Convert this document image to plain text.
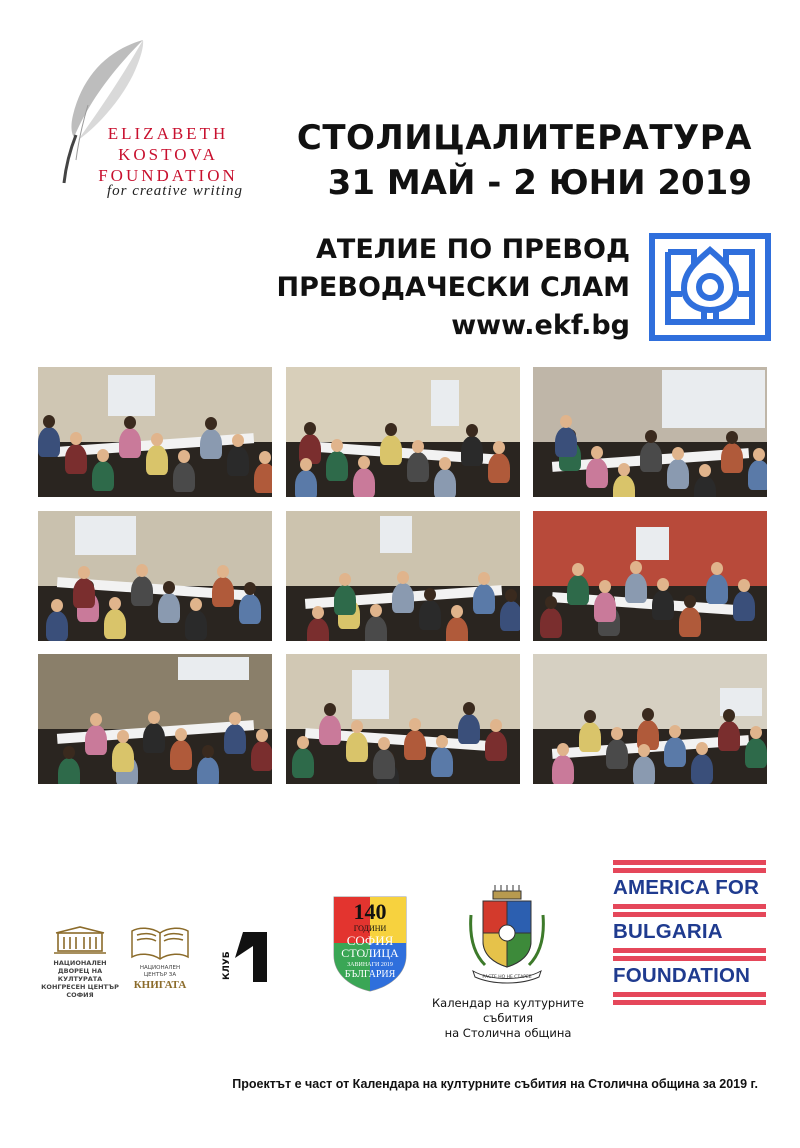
ELIZABETH
KOSTOVA
FOUNDATION
for creative writing
СТОЛИЦАЛИТЕРАТУРА
31 МАЙ - 2 ЮНИ 2019
АТЕЛИЕ ПО ПРЕВОД
ПРЕВОДАЧЕСКИ СЛАМ
www.ekf.bg
НАЦИОНАЛЕН
ДВОРЕЦ НА КУЛТУРАТА
КОНГРЕСЕН ЦЕНТЪР
СОФИЯ
НАЦИОНАЛЕН ЦЕНТЪР ЗА
КНИГАТА
КЛУБ
140
ГОДИНИ
СОФИЯ
СТОЛИЦА
ЗАВИНАГИ 2019
БЪЛГАРИЯ	РАСТЕ НО НЕ СТАРЕЕ
Календар на културните събития
на Столична община
AMERICA FOR
BULGARIA
FOUNDATION
Проектът е част от Календара на културните събития на Столична община за 2019 г.
